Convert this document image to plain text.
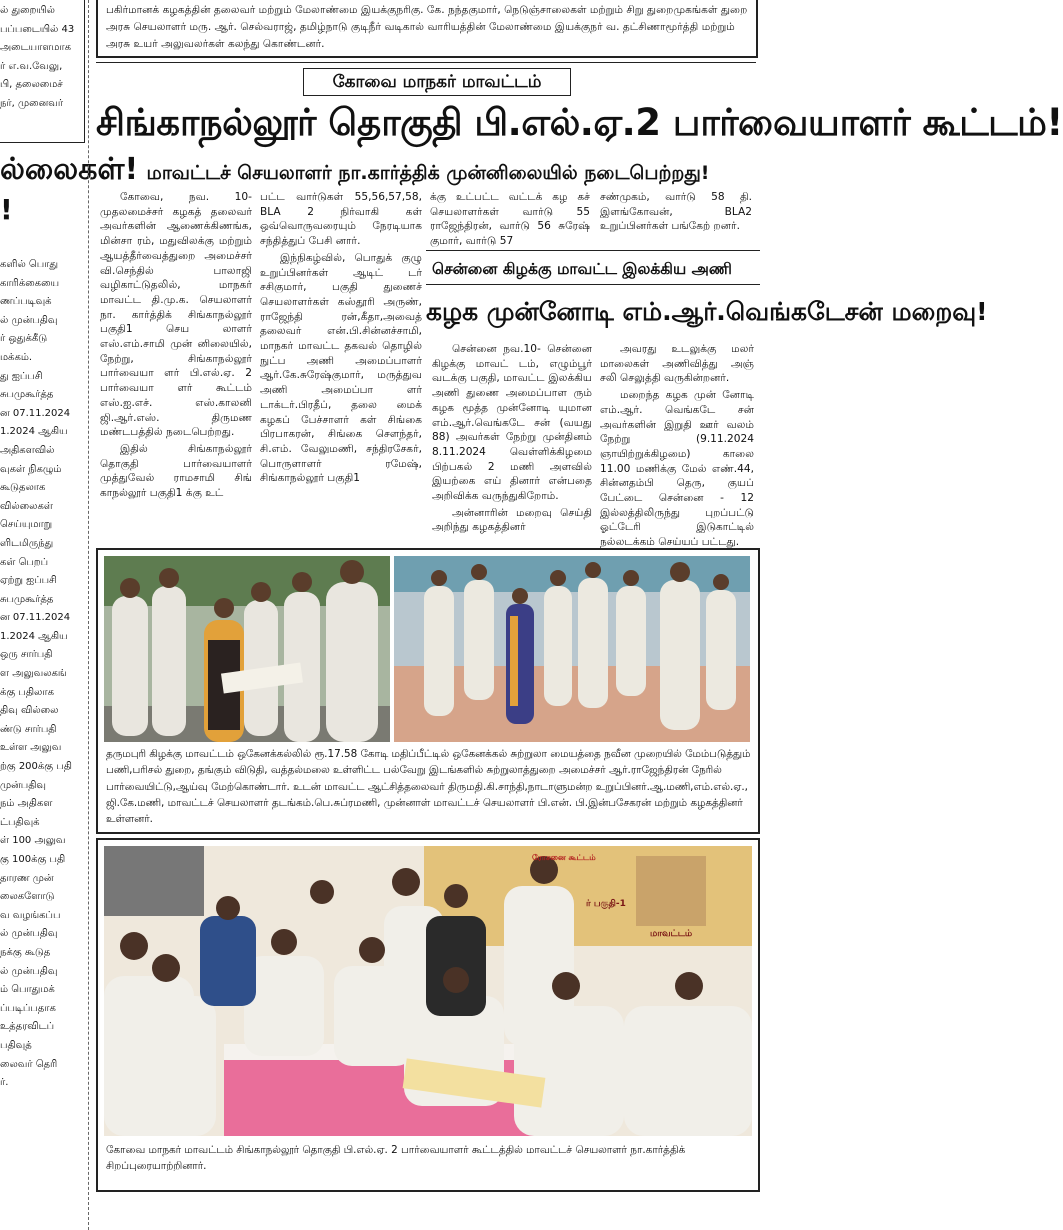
ல் துறையில்
பப்படையில் 43
அடையாளமாக
ர் எ.வ.வேலு,
பி, தலைமைச்
நர், முனைவர்
ல்லைகள்!
!
களில் பொது
காரிக்கையை
ணப்படிவுக்
ல் முன்பதிவு
ர் ஒதுக்கீடு
மக்கம்.
து ஐப்பசி
சுபமுகூர்த்த
ன 07.11.2024
1.2024 ஆகிய
அதிகளவில்
வுகள் நிகழும்
கூடுதலாக
வில்லைகள்
செய்யுமாறு
ளிடமிருந்து
கள் பெறப்
ஏற்று ஐப்பசி
சுபமுகூர்த்த
ன 07.11.2024
1.2024 ஆகிய
ஒரு சார்பதி
ள அலுவலகங்
க்கு பதிலாக
திவு வில்லை
ண்டு சார்பதி
உள்ள அலுவ
ற்கு 200க்கு பதி
முன்பதிவு
நம் அதிகள
ட்பதிவுக்
ள் 100 அலுவ
கு 100க்கு பதி
தாரண முன்
லைகளோடு
வ வழங்கப்ப
ல் முன்பதிவு
நக்கு கூடுத
ல் முன்பதிவு
ம் பொதுமக்
ப்படிப்பதாக
உத்தரவிடப்
பதிவுத்
லைவர் தெரி
ர்.
பகிர்மானக் கழகத்தின் தலைவர் மற்றும் மேலாண்மை இயக்குநரிகு. கே. நந்தகுமார், நெடுஞ்சாலைகள் மற்றும் சிறு துறைமுகங்கள் துறை அரசு செயலாளர் மரு. ஆர். செல்வராஜ், தமிழ்நாடு குடிநீர் வடிகால் வாரியத்தின் மேலாண்மை இயக்குநர் வ. தட்சிணாமூர்த்தி மற்றும் அரசு உயர் அலுவலர்கள் கலந்து கொண்டனர்.
கோவை மாநகர் மாவட்டம்
சிங்காநல்லூர் தொகுதி பி.எல்.ஏ.2 பார்வையாளர் கூட்டம்!
மாவட்டச் செயலாளர் நா.கார்த்திக் முன்னிலையில் நடைபெற்றது!

கோவை, நவ. 10- முதலமைச்சர் கழகத் தலைவர் அவர்களின் ஆணைக்கிணங்க, மின்சா ரம், மதுவிலக்கு மற்றும் ஆயத்தீர்வைத்துறை அமைச்சர் வி.செந்தில் பாலாஜி வழிகாட்டுதலில், மாநகர் மாவட்ட தி.மு.க. செயலாளர் நா. கார்த்திக் சிங்காநல்லூர் பகுதி1 செய லாளர் எஸ்.எம்.சாமி முன் னிலையில், நேற்று, சிங்காநல்லூர் பார்வையா ளர் பி.எல்.ஏ. 2 பார்வையா ளர் கூட்டம் எஸ்.ஐ.எச். எஸ்.காலனி ஜி.ஆர்.எஸ். திருமண மண்டபத்தில் நடைபெற்றது.

இதில் சிங்காநல்லூர் தொகுதி பார்வையாளர் முத்துவேல் ராமசாமி சிங் காநல்லூர் பகுதி1 க்கு உட்

பட்ட வார்டுகள் 55,56,57,58, BLA 2 நிர்வாகி கள் ஒவ்வொருவரையும் நேரடியாக சந்தித்துப் பேசி னார்.

இந்நிகழ்வில், பொதுக் குழு உறுப்பினர்கள் ஆடிட் டர் சசிகுமார், பகுதி துணைச் செயலாளர்கள் கஸ்தூரி அருண், ராஜேந்தி ரன்,கீதா,அவைத் தலைவர் என்.பி.சின்னச்சாமி, மாநகர் மாவட்ட தகவல் தொழில் நுட்ப அணி அமைப்பாளர் ஆர்.கே.சுரேஷ்குமார், மருத்துவ அணி அமைப்பா ளர் டாக்டர்.பிரதீப், தலை மைக் கழகப் பேச்சாளர் கள் சிங்கை பிரபாகரன், சிங்கை சௌந்தர், சி.எம். வேலுமணி, சந்திரசேகர், பொருளாளர் ரமேஷ், சிங்காநல்லூர் பகுதி1

க்கு உட்பட்ட வட்டக் கழ கச் செயலாளர்கள் வார்டு 55 ராஜேந்திரன், வார்டு 56 சுரேஷ் குமார், வார்டு 57

சண்முகம், வார்டு 58 தி. இளங்கோவன், BLA2 உறுப்பினர்கள் பங்கேற் றனர்.

சென்னை கிழக்கு மாவட்ட இலக்கிய அணி
கழக முன்னோடி எம்.ஆர்.வெங்கடேசன் மறைவு!

சென்னை நவ.10- சென்னை கிழக்கு மாவட் டம், எழும்பூர் வடக்கு பகுதி, மாவட்ட இலக்கிய அணி துணை அமைப்பாள ரும் கழக மூத்த முன்னோடி யுமான எம்.ஆர்.வெங்கடே சன் (வயது 88) அவர்கள் நேற்று முன்தினம் 8.11.2024 வெள்ளிக்கிழமை பிற்பகல் 2 மணி அளவில் இயற்கை எய் தினார் என்பதை அறிவிக்க வருந்துகிறோம்.

அன்னாரின் மறைவு செய்தி அறிந்து கழகத்தினர்

அவரது உடலுக்கு மலர் மாலைகள் அணிவித்து அஞ் சலி செலுத்தி வருகின்றனர்.

மறைந்த கழக முன் னோடி எம்.ஆர். வெங்கடே சன் அவர்களின் இறுதி ஊர் வலம் நேற்று (9.11.2024 ஞாயிற்றுக்கிழமை) காலை 11.00 மணிக்கு மேல் எண்.44, சின்னதம்பி தெரு, குயப் பேட்டை சென்னை - 12 இல்லத்திலிருந்து புறப்பட்டு ஓட்டேரி இடுகாட்டில் நல்லடக்கம் செய்யப் பட்டது.

தருமபுரி கிழக்கு மாவட்டம் ஒகேனக்கல்லில் ரூ.17.58 கோடி மதிப்பீட்டில் ஒகேனக்கல் சுற்றுலா மையத்தை நவீன முறையில் மேம்படுத்தும் பணி,பரிசல் துறை, தங்கும் விடுதி, வத்தல்மலை உள்ளிட்ட பல்வேறு இடங்களில் சுற்றுலாத்துறை அமைச்சர் ஆர்.ராஜேந்திரன் நேரில் பார்வையிட்டு,ஆய்வு மேற்கொண்டார். உடன் மாவட்ட ஆட்சித்தலைவர் திருமதி.கி.சாந்தி,நாடாளுமன்ற உறுப்பினர்.ஆ.மணி,எம்.எல்.ஏ., ஜி.கே.மணி, மாவட்டச் செயலாளர் தடங்கம்.பெ.சுப்ரமணி, முன்னாள் மாவட்டச் செயலாளர் பி.என். பி.இன்பசேகரன் மற்றும் கழகத்தினர் உள்ளனர்.
ரோசனை கூட்டம்
ர் பகுதி-1
மாவட்டம்
கோவை மாநகர் மாவட்டம் சிங்காநல்லூர் தொகுதி பி.எல்.ஏ. 2 பார்வையாளர் கூட்டத்தில் மாவட்டச் செயலாளர் நா.கார்த்திக் சிறப்புரையாற்றினார்.
